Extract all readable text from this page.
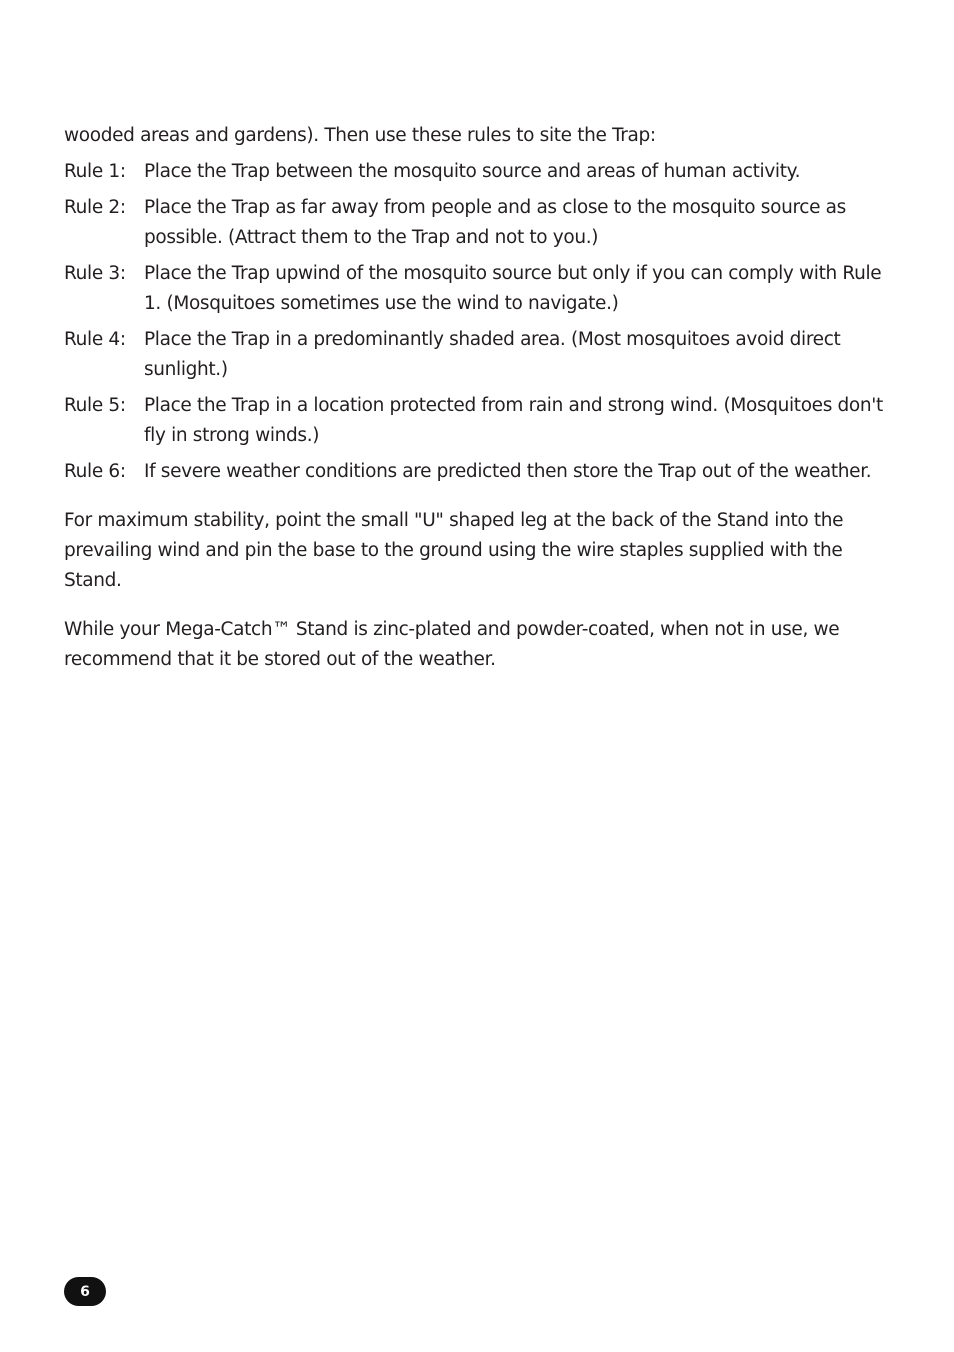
wooded areas and gardens). Then use these rules to site the Trap:

Rule 1: Place the Trap between the mosquito source and areas of human activity.
Rule 2: Place the Trap as far away from people and as close to the mosquito source as possible. (Attract them to the Trap and not to you.)
Rule 3: Place the Trap upwind of the mosquito source but only if you can comply with Rule 1. (Mosquitoes sometimes use the wind to navigate.)
Rule 4: Place the Trap in a predominantly shaded area. (Most mosquitoes avoid direct sunlight.)
Rule 5: Place the Trap in a location protected from rain and strong wind. (Mosquitoes don't fly in strong winds.)
Rule 6: If severe weather conditions are predicted then store the Trap out of the weather.

For maximum stability, point the small "U" shaped leg at the back of the Stand into the prevailing wind and pin the base to the ground using the wire staples supplied with the Stand.

While your Mega-Catch™ Stand is zinc-plated and powder-coated, when not in use, we recommend that it be stored out of the weather.

6
